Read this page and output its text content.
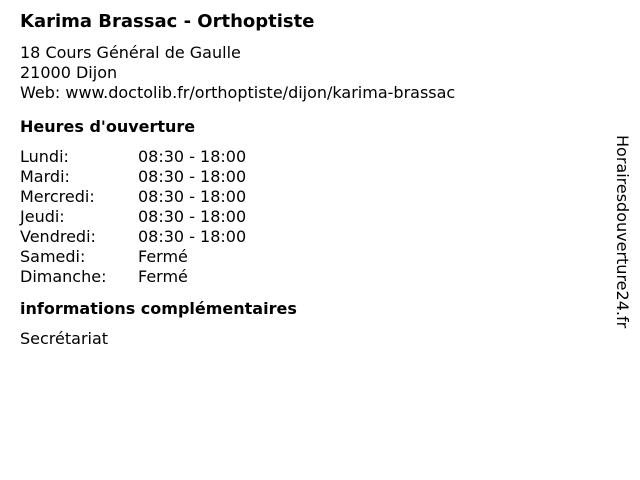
Karima Brassac - Orthoptiste
18 Cours Général de Gaulle
21000 Dijon
Web: www.doctolib.fr/orthoptiste/dijon/karima-brassac
Heures d'ouverture
Lundi:	08:30 - 18:00
Mardi:	08:30 - 18:00
Mercredi:	08:30 - 18:00
Jeudi:	08:30 - 18:00
Vendredi:	08:30 - 18:00
Samedi:	Fermé
Dimanche:	Fermé
informations complémentaires
Secrétariat
Horairesdouverture24.fr
